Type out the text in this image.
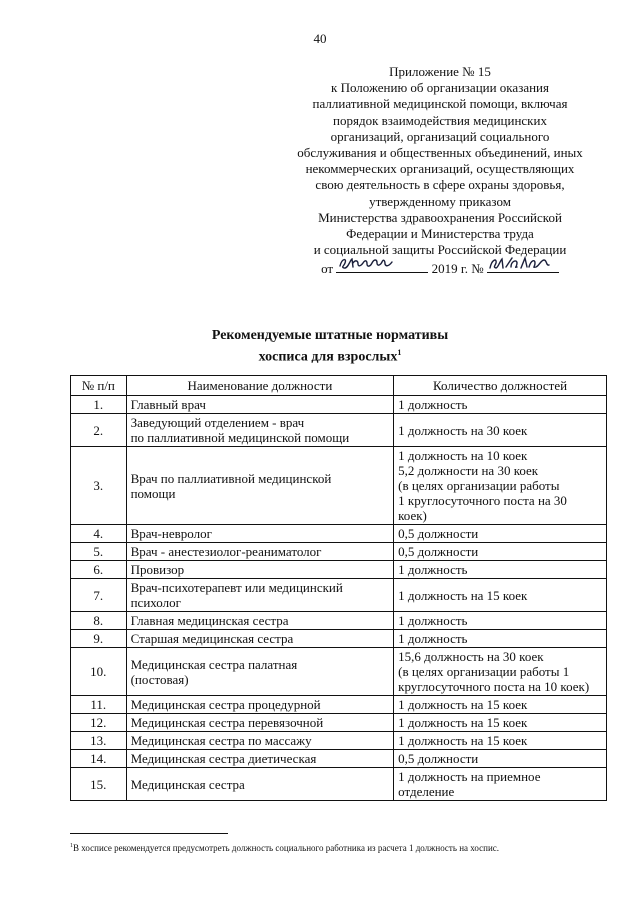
40
Приложение № 15
к Положению об организации оказания
паллиативной медицинской помощи, включая
порядок взаимодействия медицинских
организаций, организаций социального
обслуживания и общественных объединений, иных
некоммерческих организаций, осуществляющих
свою деятельность в сфере охраны здоровья,
утвержденному приказом
Министерства здравоохранения Российской
Федерации и Министерства труда
и социальной защиты Российской Федерации
от	2019 г. №
Рекомендуемые штатные нормативы
хосписа для взрослых$^1$
№ п/п	Наименование должности	Количество должностей
1.	Главный врач	1 должность

2.	Заведующий отделением - врач
по паллиативной медицинской помощи	1 должность на 30 коек

3.	Врач по паллиативной медицинской
помощи	1 должность на 10 коек
5,2 должности на 30 коек
(в целях организации работы
1 круглосуточного поста на 30
коек)

4.	Врач-невролог	0,5 должности

5.	Врач - анестезиолог-реаниматолог	0,5 должности

6.	Провизор	1 должность

7.	Врач-психотерапевт или медицинский
психолог	1 должность на 15 коек

8.	Главная медицинская сестра	1 должность

9.	Старшая медицинская сестра	1 должность

10.	Медицинская сестра палатная
(постовая)	15,6 должность на 30 коек
(в целях организации работы 1
круглосуточного поста на 10 коек)

11.	Медицинская сестра процедурной	1 должность на 15 коек

12.	Медицинская сестра перевязочной	1 должность на 15 коек

13.	Медицинская сестра по массажу	1 должность на 15 коек

14.	Медицинская сестра диетическая	0,5 должности

15.	Медицинская сестра	1 должность на приемное
отделение
$^1$В хосписе рекомендуется предусмотреть должность социального работника из расчета 1 должность на хоспис.
